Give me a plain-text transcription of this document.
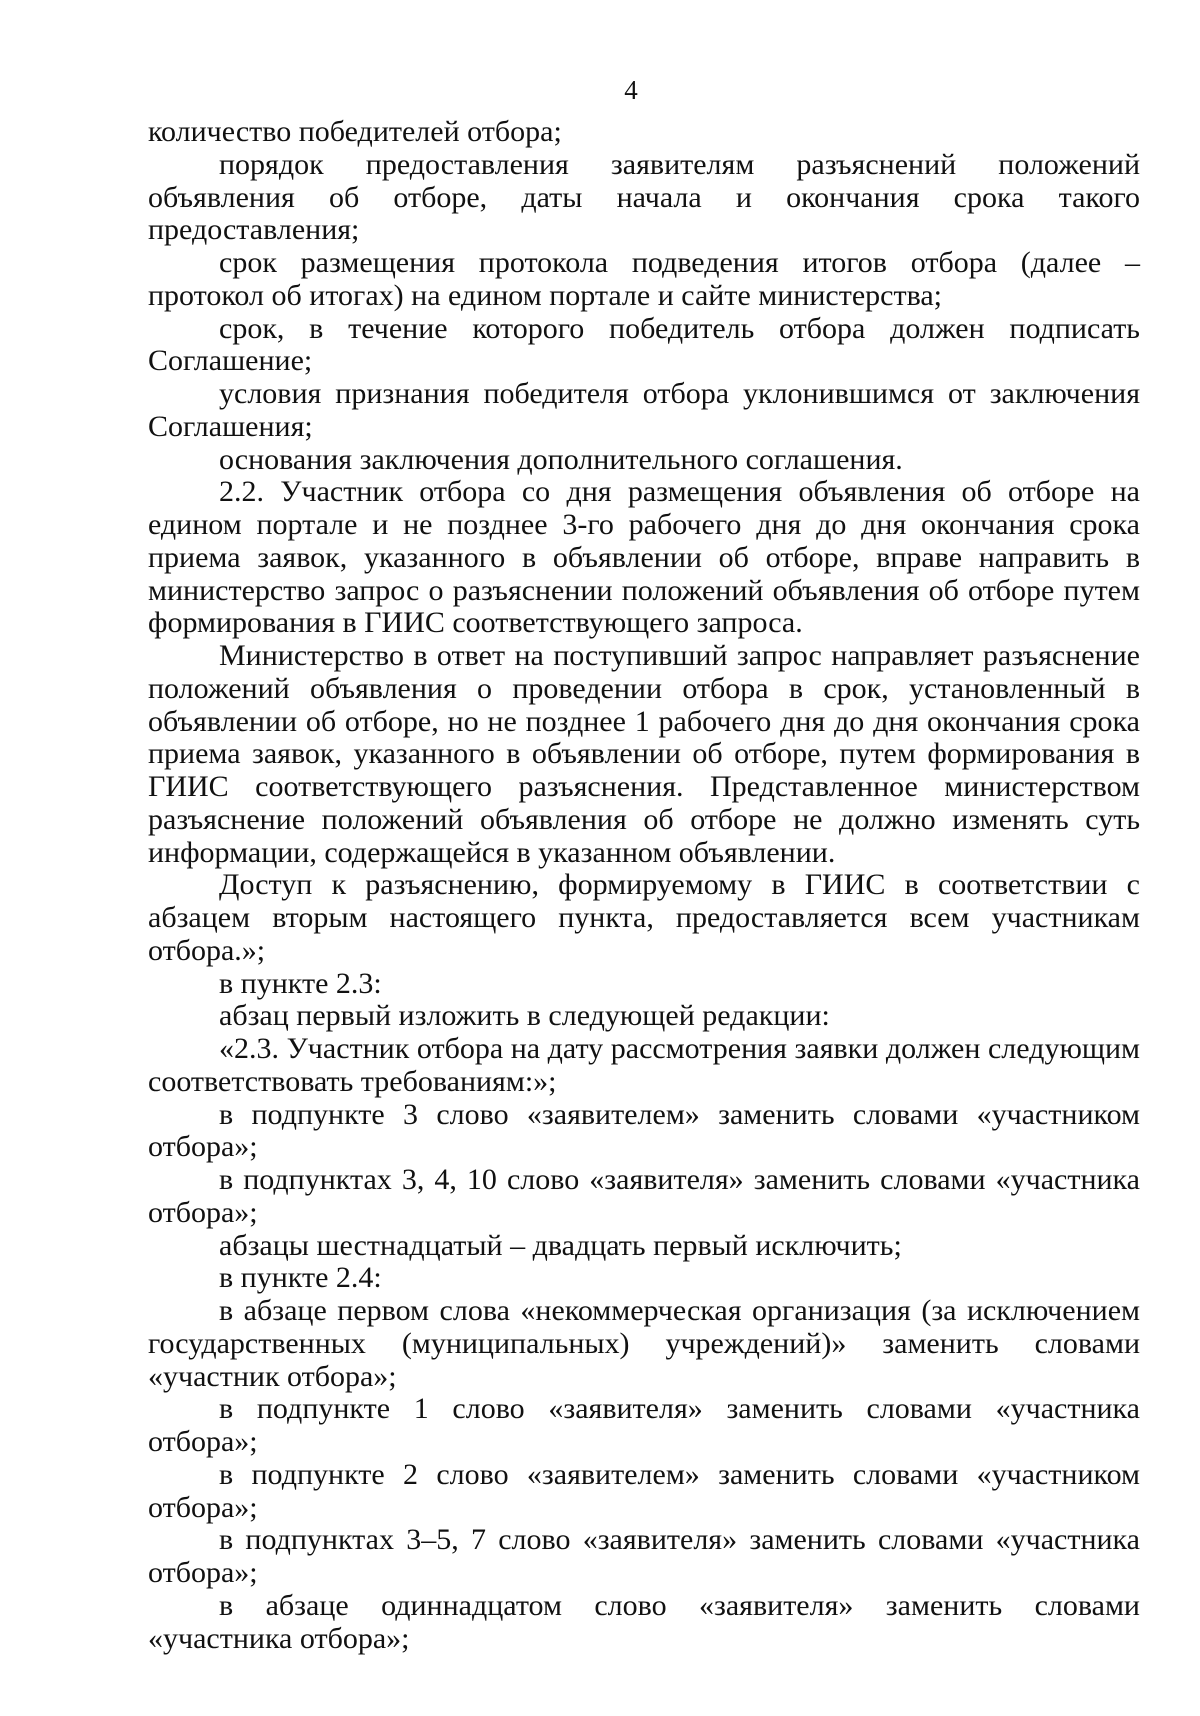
4

количество победителей отбора;

порядок предоставления заявителям разъяснений положений объявления об отборе, даты начала и окончания срока такого предоставления;

срок размещения протокола подведения итогов отбора (далее – протокол об итогах) на едином портале и сайте министерства;

срок, в течение которого победитель отбора должен подписать Соглашение;

условия признания победителя отбора уклонившимся от заключения Соглашения;

основания заключения дополнительного соглашения.

2.2. Участник отбора со дня размещения объявления об отборе на едином портале и не позднее 3-го рабочего дня до дня окончания срока приема заявок, указанного в объявлении об отборе, вправе направить в министерство запрос о разъяснении положений объявления об отборе путем формирования в ГИИС соответствующего запроса.

Министерство в ответ на поступивший запрос направляет разъяснение положений объявления о проведении отбора в срок, установленный в объявлении об отборе, но не позднее 1 рабочего дня до дня окончания срока приема заявок, указанного в объявлении об отборе, путем формирования в ГИИС соответствующего разъяснения. Представленное министерством разъяснение положений объявления об отборе не должно изменять суть информации, содержащейся в указанном объявлении.

Доступ к разъяснению, формируемому в ГИИС в соответствии с абзацем вторым настоящего пункта, предоставляется всем участникам отбора.»;

в пункте 2.3:

абзац первый изложить в следующей редакции:

«2.3. Участник отбора на дату рассмотрения заявки должен следующим соответствовать требованиям:»;

в подпункте 3 слово «заявителем» заменить словами «участником отбора»;

в подпунктах 3, 4, 10 слово «заявителя» заменить словами «участника отбора»;

абзацы шестнадцатый – двадцать первый исключить;

в пункте 2.4:

в абзаце первом слова «некоммерческая организация (за исключением государственных (муниципальных) учреждений)» заменить словами «участник отбора»;

в подпункте 1 слово «заявителя» заменить словами «участника отбора»;

в подпункте 2 слово «заявителем» заменить словами «участником отбора»;

в подпунктах 3–5, 7 слово «заявителя» заменить словами «участника отбора»;

в абзаце одиннадцатом слово «заявителя» заменить словами «участника отбора»;
